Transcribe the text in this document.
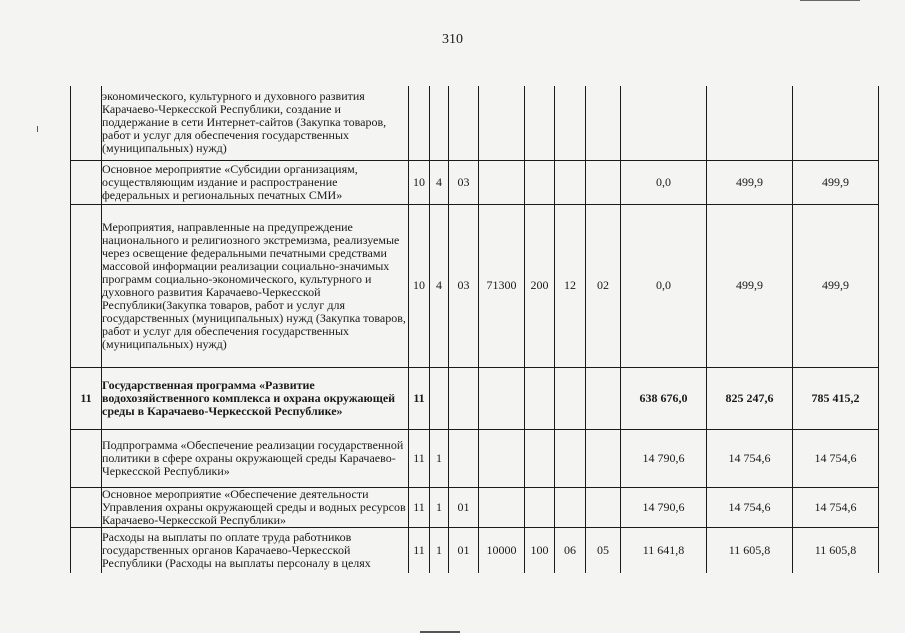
310
	экономического, культурного и духовного развития Карачаево-Черкесской Республики, создание и поддержание в сети Интернет-сайтов (Закупка товаров, работ и услуг для обеспечения государственных (муниципальных) нужд)										
	Основное мероприятие «Субсидии организациям, осуществляющим издание и распространение федеральных и региональных печатных СМИ»	10	4	03					0,0	499,9	499,9
	Мероприятия, направленные на предупреждение национального и религиозного экстремизма, реализуемые через освещение федеральными печатными средствами массовой информации реализации социально-значимых программ социально-экономического, культурного и духовного развития Карачаево-Черкесской Республики(Закупка товаров, работ и услуг для государственных (муниципальных) нужд (Закупка товаров, работ и услуг для обеспечения государственных (муниципальных) нужд)	10	4	03	71300	200	12	02	0,0	499,9	499,9
11	Государственная программа «Развитие водохозяйственного комплекса и охрана окружающей среды в Карачаево-Черкесской Республике»	11							638 676,0	825 247,6	785 415,2
	Подпрограмма «Обеспечение реализации государственной политики в сфере охраны окружающей среды Карачаево-Черкесской Республики»	11	1						14 790,6	14 754,6	14 754,6
	Основное мероприятие «Обеспечение деятельности Управления охраны окружающей среды и водных ресурсов Карачаево-Черкесской Республики»	11	1	01					14 790,6	14 754,6	14 754,6
	Расходы на выплаты по оплате труда работников государственных органов Карачаево-Черкесской Республики (Расходы на выплаты персоналу в целях	11	1	01	10000	100	06	05	11 641,8	11 605,8	11 605,8
